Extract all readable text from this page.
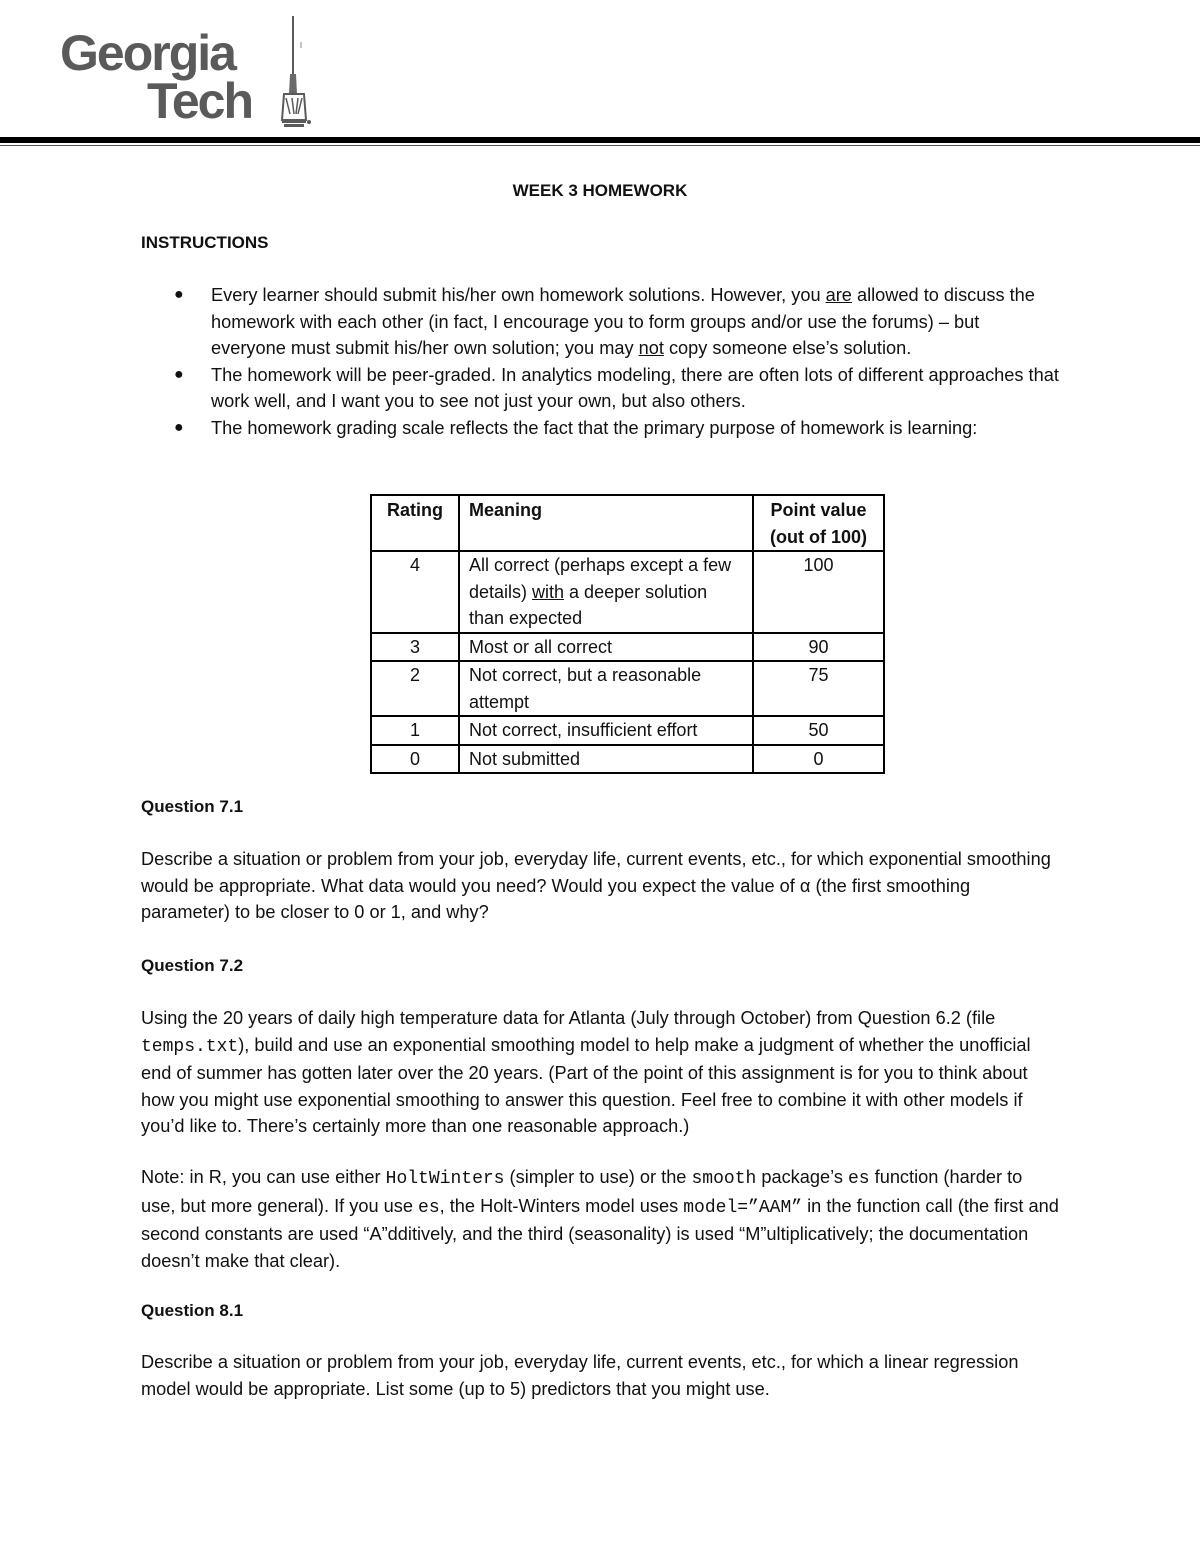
Georgia
Tech
WEEK 3 HOMEWORK
INSTRUCTIONS
● Every learner should submit his/her own homework solutions. However, you are allowed to discuss the homework with each other (in fact, I encourage you to form groups and/or use the forums) – but everyone must submit his/her own solution; you may not copy someone else’s solution.
● The homework will be peer-graded. In analytics modeling, there are often lots of different approaches that work well, and I want you to see not just your own, but also others.
● The homework grading scale reflects the fact that the primary purpose of homework is learning:
Rating	Meaning	Point value (out of 100)
4	All correct (perhaps except a few details) with a deeper solution than expected	100
3	Most or all correct	90
2	Not correct, but a reasonable attempt	75
1	Not correct, insufficient effort	50
0	Not submitted	0
Question 7.1

Describe a situation or problem from your job, everyday life, current events, etc., for which exponential smoothing would be appropriate. What data would you need? Would you expect the value of α (the first smoothing parameter) to be closer to 0 or 1, and why?

Question 7.2

Using the 20 years of daily high temperature data for Atlanta (July through October) from Question 6.2 (file temps.txt), build and use an exponential smoothing model to help make a judgment of whether the unofficial end of summer has gotten later over the 20 years. (Part of the point of this assignment is for you to think about how you might use exponential smoothing to answer this question. Feel free to combine it with other models if you’d like to. There’s certainly more than one reasonable approach.)

Note: in R, you can use either HoltWinters (simpler to use) or the smooth package’s es function (harder to use, but more general). If you use es, the Holt-Winters model uses model=”AAM” in the function call (the first and second constants are used “A”dditively, and the third (seasonality) is used “M”ultiplicatively; the documentation doesn’t make that clear).

Question 8.1

Describe a situation or problem from your job, everyday life, current events, etc., for which a linear regression model would be appropriate. List some (up to 5) predictors that you might use.
